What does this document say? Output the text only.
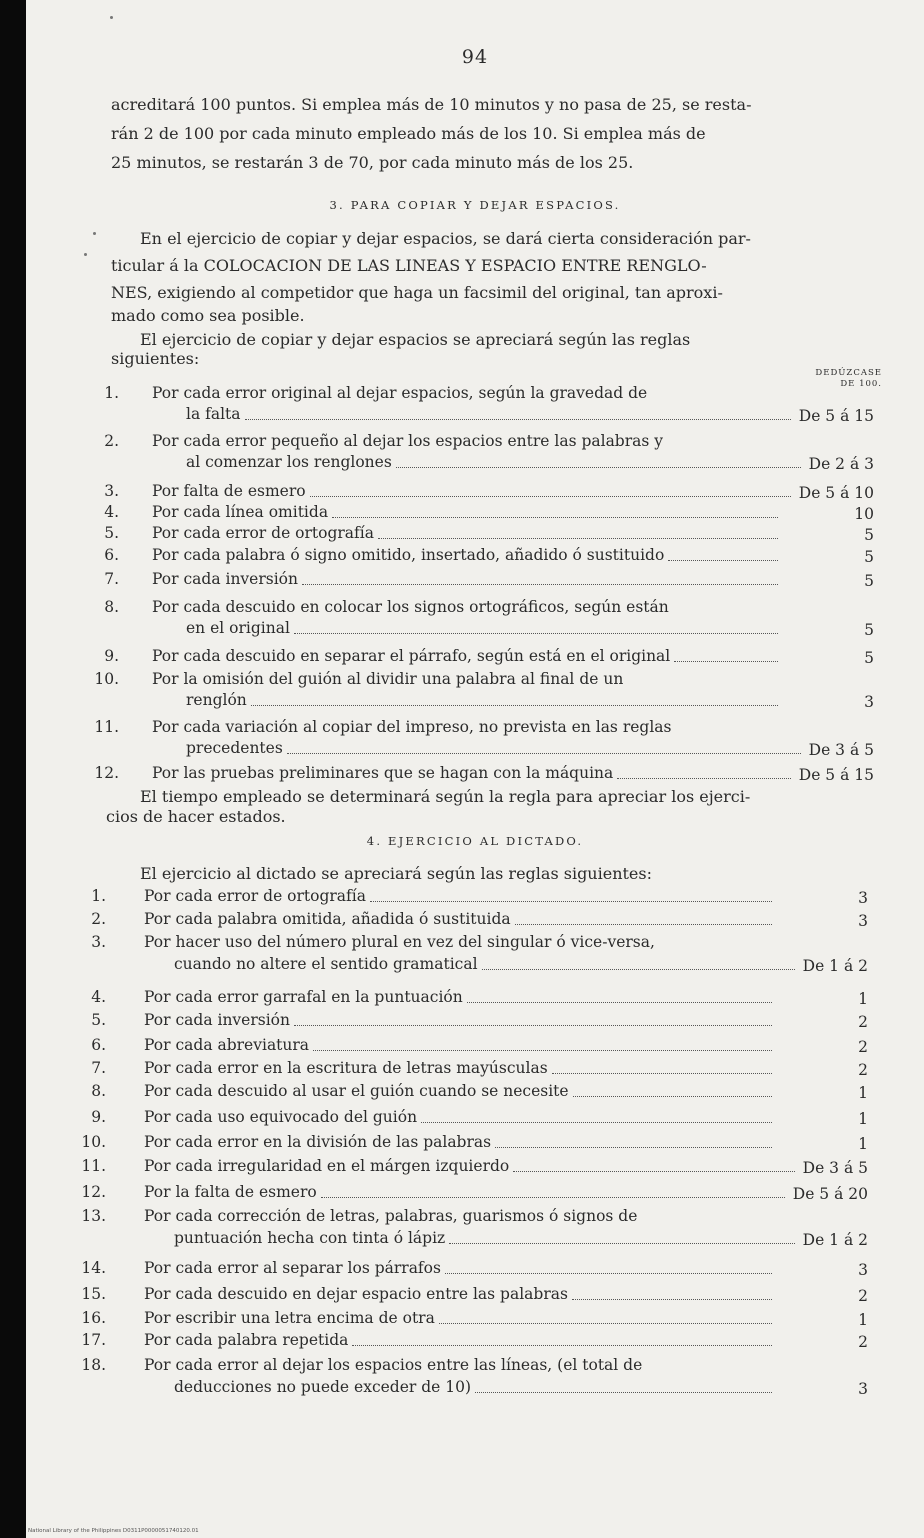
94

acreditará 100 puntos. Si emplea más de 10 minutos y no pasa de 25, se resta-

rán 2 de 100 por cada minuto empleado más de los 10. Si emplea más de

25 minutos, se restarán 3 de 70, por cada minuto más de los 25.

3. PARA COPIAR Y DEJAR ESPACIOS.

En el ejercicio de copiar y dejar espacios, se dará cierta consideración par-

ticular á la COLOCACION DE LAS LINEAS Y ESPACIO ENTRE RENGLO-

NES, exigiendo al competidor que haga un facsimil del original, tan aproxi-

mado como sea posible.

El ejercicio de copiar y dejar espacios se apreciará según las reglas

siguientes:

DEDÚZCASE
DE 100.
1. Por cada error original al dejar espacios, según la gravedad de
la falta	De 5 á 15
2. Por cada error pequeño al dejar los espacios entre las palabras y
al comenzar los renglones	De 2 á 3
3. Por falta de esmero	De 5 á 10
4. Por cada línea omitida	10
5. Por cada error de ortografía	5
6. Por cada palabra ó signo omitido, insertado, añadido ó sustituido	5
7. Por cada inversión	5
8. Por cada descuido en colocar los signos ortográficos, según están
en el original	5
9. Por cada descuido en separar el párrafo, según está en el original	5
10. Por la omisión del guión al dividir una palabra al final de un
renglón	3
11. Por cada variación al copiar del impreso, no prevista en las reglas
precedentes	De 3 á 5
12. Por las pruebas preliminares que se hagan con la máquina	De 5 á 15

El tiempo empleado se determinará según la regla para apreciar los ejerci-

cios de hacer estados.

4. EJERCICIO AL DICTADO.

El ejercicio al dictado se apreciará según las reglas siguientes:

1. Por cada error de ortografía	3
2. Por cada palabra omitida, añadida ó sustituida	3
3. Por hacer uso del número plural en vez del singular ó vice-versa,
cuando no altere el sentido gramatical	De 1 á 2
4. Por cada error garrafal en la puntuación	1
5. Por cada inversión	2
6. Por cada abreviatura	2
7. Por cada error en la escritura de letras mayúsculas	2
8. Por cada descuido al usar el guión cuando se necesite	1
9. Por cada uso equivocado del guión	1
10. Por cada error en la división de las palabras	1
11. Por cada irregularidad en el márgen izquierdo	De 3 á 5
12. Por la falta de esmero	De 5 á 20
13. Por cada corrección de letras, palabras, guarismos ó signos de
puntuación hecha con tinta ó lápiz	De 1 á 2
14. Por cada error al separar los párrafos	3
15. Por cada descuido en dejar espacio entre las palabras	2
16. Por escribir una letra encima de otra	1
17. Por cada palabra repetida	2
18. Por cada error al dejar los espacios entre las líneas, (el total de
deducciones no puede exceder de 10)	3
National Library of the Philippines D0311P0000051740120.01
